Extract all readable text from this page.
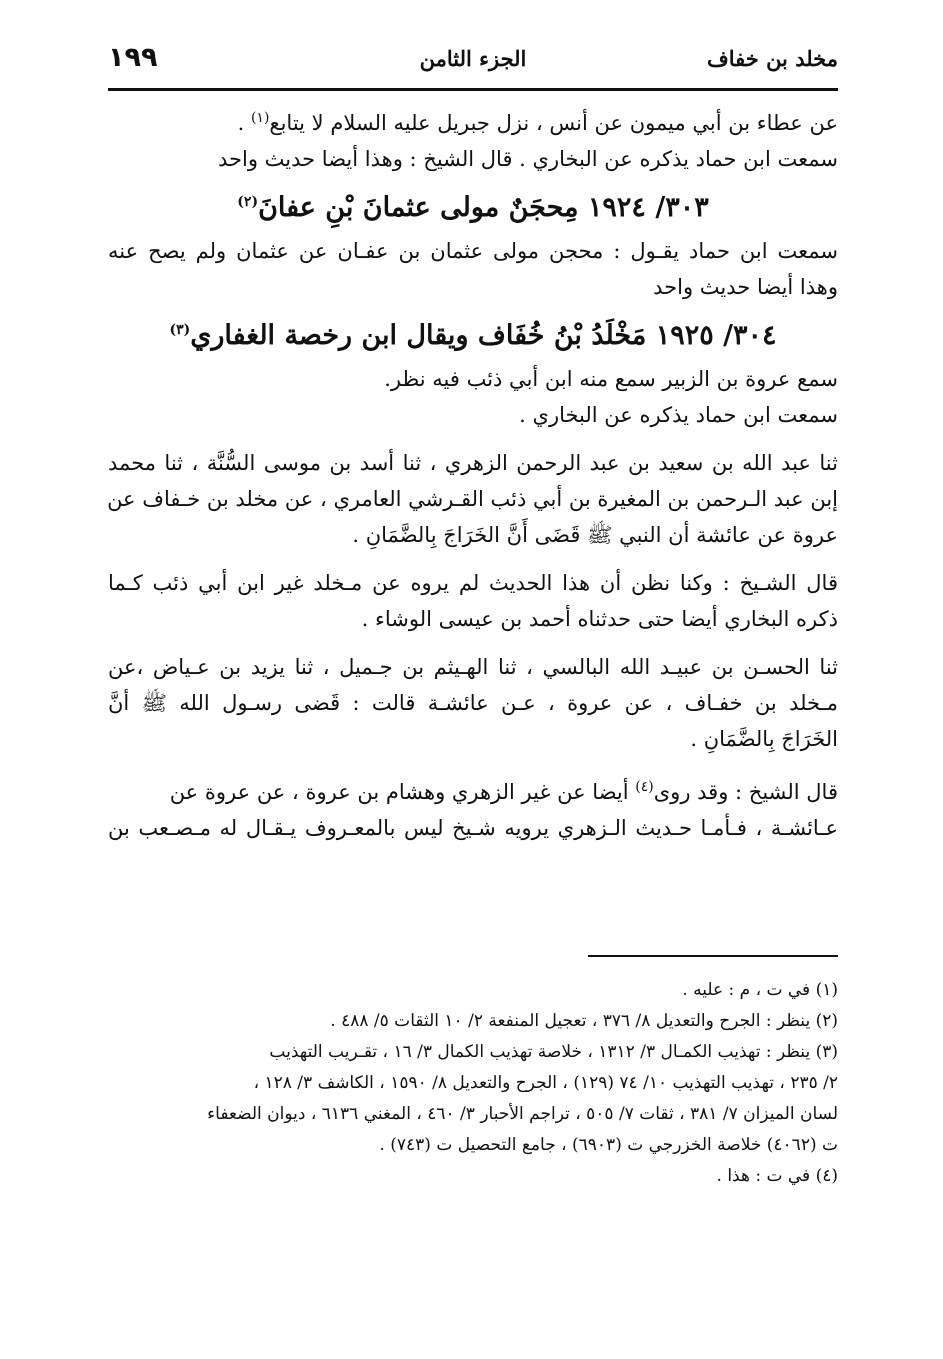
١٩٩	الجزء الثامن	مخلد بن خفاف
عن عطاء بن أبي ميمون عن أنس ، نزل جبريل عليه السلام لا يتابع$^{(١)}$ .
سمعت ابن حماد يذكره عن البخاري . قال الشيخ : وهذا أيضا حديث واحد
٣٠٣/ ١٩٢٤ مِحجَنٌ مولى عثمانَ بْنِ عفانَ$^{(٢)}$
سمعت ابن حماد يقـول : محجن مولى عثمان بن عفـان عن عثمان ولم يصح عنه
وهذا أيضا حديث واحد
٣٠٤/ ١٩٢٥ مَخْلَدُ بْنُ خُفَاف ويقال ابن رخصة الغفاري$^{(٣)}$
سمع عروة بن الزبير سمع منه ابن أبي ذئب فيه نظر.
سمعت ابن حماد يذكره عن البخاري .
ثنا عبد الله بن سعيد بن عبد الرحمن الزهري ، ثنا أسد بن موسى السُّنَّة ، ثنا محمد
إبن عبد الـرحمن بن المغيرة بن أبي ذئب القـرشي العامري ، عن مخلد بن خـفاف عن
عروة عن عائشة أن النبي ﷺ قَضَى أَنَّ الخَرَاجَ بِالضَّمَانِ .
قال الشـيخ : وكنا نظن أن هذا الحديث لم يروه عن مـخلد غير ابن أبي ذئب كـما
ذكره البخاري أيضا حتى حدثناه أحمد بن عيسى الوشاء .
ثنا الحسـن بن عبيـد الله البالسي ، ثنا الهـيثم بن جـميل ، ثنا يزيد بن عـياض ،عن
مـخلد بن خفـاف ، عن عروة ، عـن عائشـة قالت : قَضى رسـول الله ﷺ أنَّ
الخَرَاجَ بِالضَّمَانِ .
قال الشيخ : وقد روى$^{(٤)}$ أيضا عن غير الزهري وهشام بن عروة ، عن عروة عن
عـائشـة ، فـأمـا حـديث الـزهري يرويه شـيخ ليس بالمعـروف يـقـال له مـصـعب بن
(١) في ت ، م : عليه .
(٢) ينظر : الجرح والتعديل ٨/ ٣٧٦ ، تعجيل المنفعة ٢/ ١٠ الثقات ٥/ ٤٨٨ .
(٣) ينظر : تهذيب الكمـال ٣/ ١٣١٢ ، خلاصة تهذيب الكمال ٣/ ١٦ ، تقـريب التهذيب
٢/ ٢٣٥ ، تهذيب التهذيب ١٠/ ٧٤ (١٢٩) ، الجرح والتعديل ٨/ ١٥٩٠ ، الكاشف ٣/ ١٢٨ ،
لسان الميزان ٧/ ٣٨١ ، ثقات ٧/ ٥٠٥ ، تراجم الأحبار ٣/ ٤٦٠ ، المغني ٦١٣٦ ، ديوان الضعفاء
ت (٤٠٦٢) خلاصة الخزرجي ت (٦٩٠٣) ، جامع التحصيل ت (٧٤٣) .
(٤) في ت : هذا .
